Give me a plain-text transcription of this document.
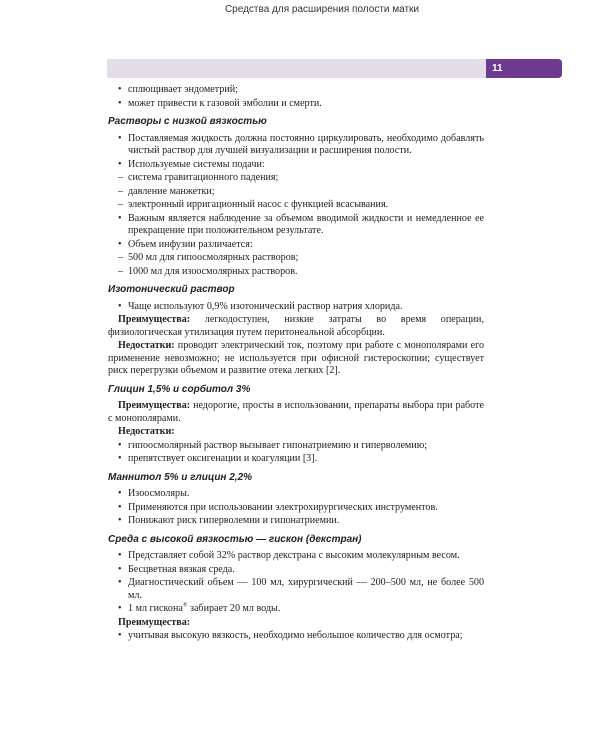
Средства для расширения полости матки
11
• сплющивает эндометрий;
• может привести к газовой эмболии и смерти.
Растворы с низкой вязкостью
• Поставляемая жидкость должна постоянно циркулировать, необходимо добавлять чистый раствор для лучшей визуализации и расширения полости.
• Используемые системы подачи:
– система гравитационного падения;
– давление манжетки;
– электронный ирригационный насос с функцией всасывания.
• Важным является наблюдение за объемом вводимой жидкости и немедленное ее прекращение при положительном результате.
• Объем инфузии различается:
– 500 мл для гипоосмолярных растворов;
– 1000 мл для изоосмолярных растворов.
Изотонический раствор
• Чаще используют 0,9% изотонический раствор натрия хлорида.
Преимущества: легкодоступен, низкие затраты во время операции, физиологическая утилизация путем перитонеальной абсорбции.
Недостатки: проводит электрический ток, поэтому при работе с монополярами его применение невозможно; не используется при офисной гистероскопии; существует риск перегрузки объемом и развитие отека легких [2].
Глицин 1,5% и сорбитол 3%
Преимущества: недорогие, просты в использовании, препараты выбора при работе с монополярами.
Недостатки:
• гипоосмолярный раствор вызывает гипонатриемию и гиперволемию;
• препятствует оксигенации и коагуляции [3].
Маннитол 5% и глицин 2,2%
• Изоосмоляры.
• Применяются при использовании электрохирургических инструментов.
• Понижают риск гиперволемии и гипонатриемии.
Среда с высокой вязкостью — гискон (декстран)
• Представляет собой 32% раствор декстрана с высоким молекулярным весом.
• Бесцветная вязкая среда.
• Диагностический объем — 100 мл, хирургический — 200–500 мл, не более 500 мл.
• 1 мл гискона® забирает 20 мл воды.
Преимущества:
• учитывая высокую вязкость, необходимо небольшое количество для осмотра;
